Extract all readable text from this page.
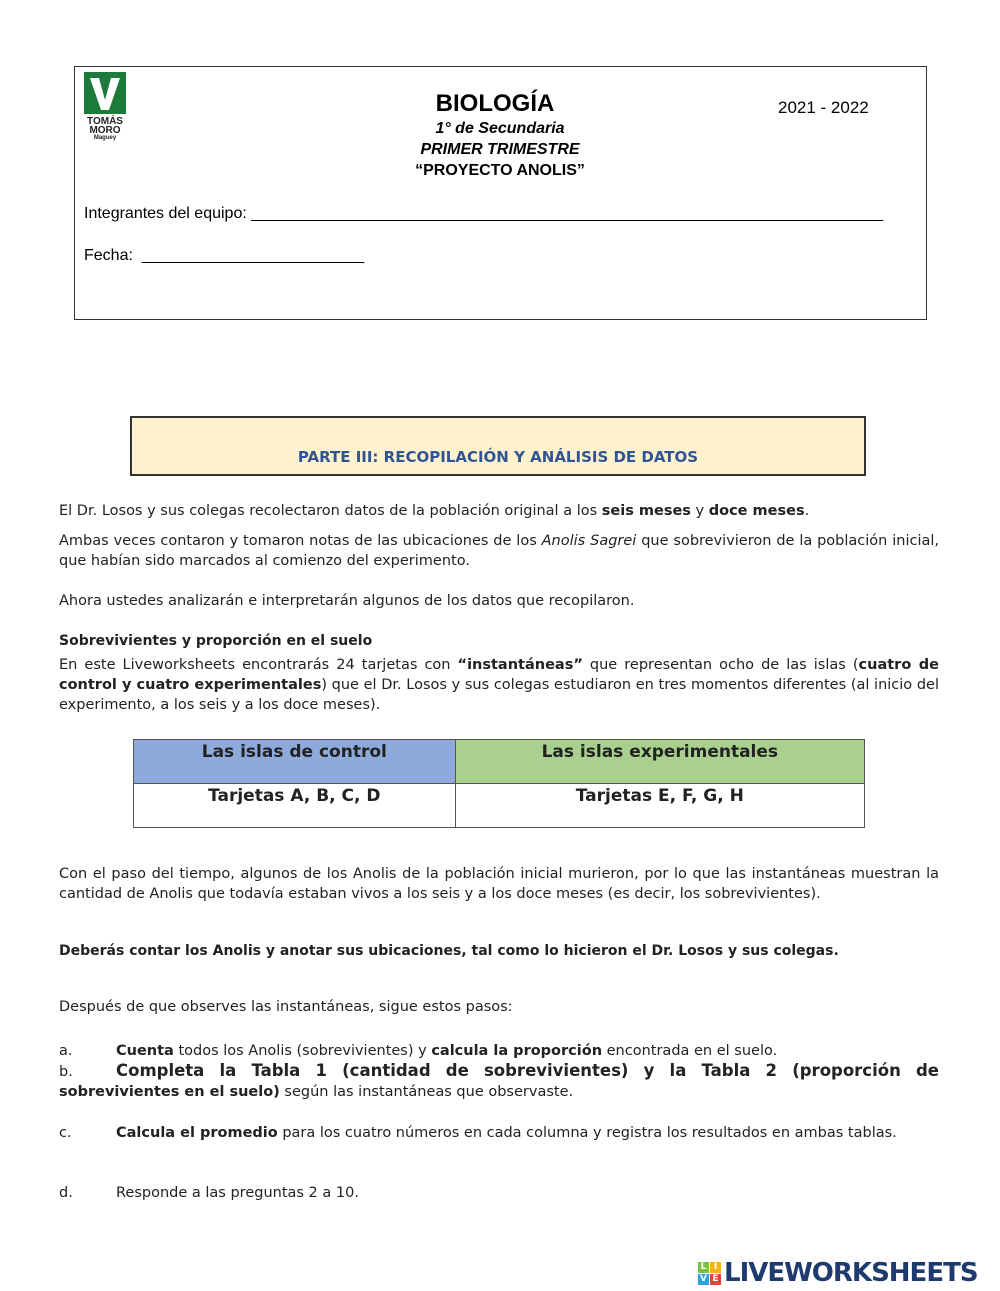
TOMÁS
MORO
Maguey
BIOLOGÍA	2021 - 2022
1° de Secundaria
PRIMER TRIMESTRE
“PROYECTO ANOLIS”
Integrantes del equipo: _______________________________________________________________________
Fecha: _________________________
PARTE III: RECOPILACIÓN Y ANÁLISIS DE DATOS
El Dr. Losos y sus colegas recolectaron datos de la población original a los seis meses y doce meses.
Ambas veces contaron y tomaron notas de las ubicaciones de los Anolis Sagrei que sobrevivieron de la población inicial, que habían sido marcados al comienzo del experimento.
Ahora ustedes analizarán e interpretarán algunos de los datos que recopilaron.
Sobrevivientes y proporción en el suelo
En este Liveworksheets encontrarás 24 tarjetas con “instantáneas” que representan ocho de las islas (cuatro de control y cuatro experimentales) que el Dr. Losos y sus colegas estudiaron en tres momentos diferentes (al inicio del experimento, a los seis y a los doce meses).
Las islas de control	Las islas experimentales
Tarjetas A, B, C, D	Tarjetas E, F, G, H
Con el paso del tiempo, algunos de los Anolis de la población inicial murieron, por lo que las instantáneas muestran la cantidad de Anolis que todavía estaban vivos a los seis y a los doce meses (es decir, los sobrevivientes).
Deberás contar los Anolis y anotar sus ubicaciones, tal como lo hicieron el Dr. Losos y sus colegas.
Después de que observes las instantáneas, sigue estos pasos:
a.	Cuenta todos los Anolis (sobrevivientes) y calcula la proporción encontrada en el suelo.
b.	Completa la Tabla 1 (cantidad de sobrevivientes) y la Tabla 2 (proporción de sobrevivientes en el suelo) según las instantáneas que observaste.
c.	Calcula el promedio para los cuatro números en cada columna y registra los resultados en ambas tablas.
d.	Responde a las preguntas 2 a 10.
L I
V E LIVEWORKSHEETS
